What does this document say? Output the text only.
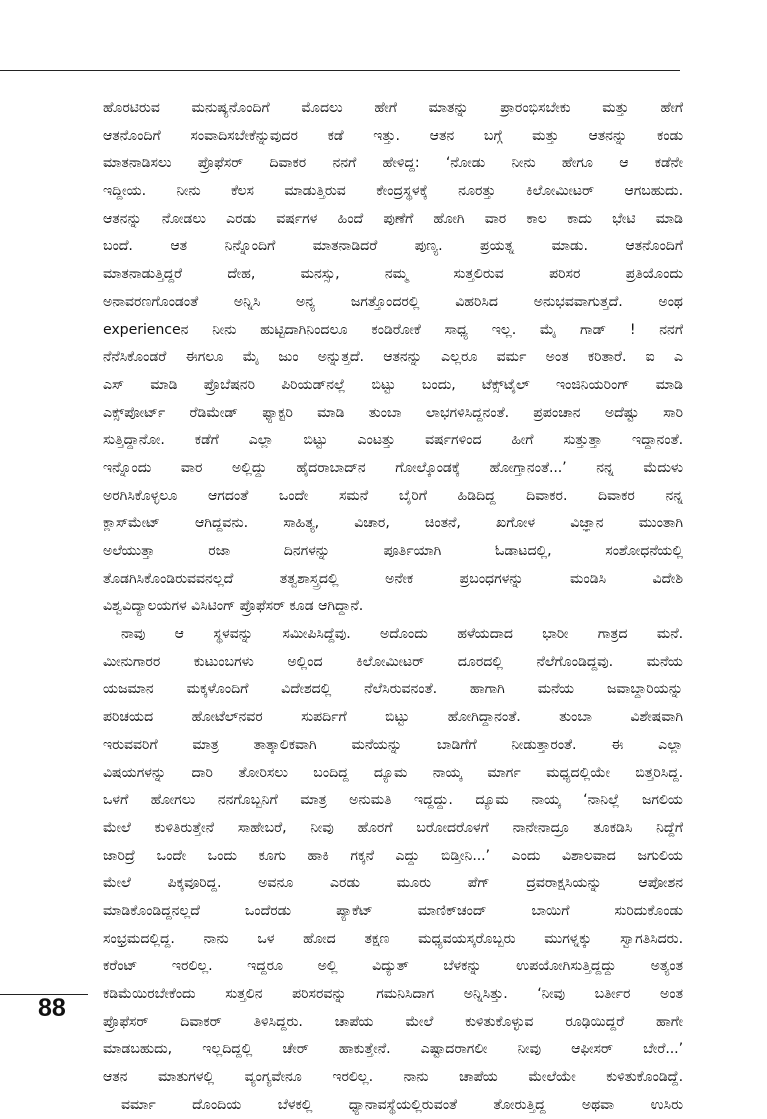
ಹೊರಟಿರುವ ಮನುಷ್ಯನೊಂದಿಗೆ ಮೊದಲು ಹೇಗೆ ಮಾತನ್ನು ಪ್ರಾರಂಭಿಸಬೇಕು ಮತ್ತು ಹೇಗೆ
ಆತನೊಂದಿಗೆ ಸಂವಾದಿಸಬೇಕೆನ್ನುವುದರ ಕಡೆ ಇತ್ತು. ಆತನ ಬಗ್ಗೆ ಮತ್ತು ಆತನನ್ನು ಕಂಡು
ಮಾತನಾಡಿಸಲು ಪ್ರೊಫೆಸರ್ ದಿವಾಕರ ನನಗೆ ಹೇಳಿದ್ದ: ‘ನೋಡು ನೀನು ಹೇಗೂ ಆ ಕಡೆನೇ
ಇದ್ದೀಯ. ನೀನು ಕೆಲಸ ಮಾಡುತ್ತಿರುವ ಕೇಂದ್ರಸ್ಥಳಕ್ಕೆ ನೂರತ್ತು ಕಿಲೋಮೀಟರ್ ಆಗಬಹುದು.
ಆತನನ್ನು ನೋಡಲು ಎರಡು ವರ್ಷಗಳ ಹಿಂದೆ ಪುಣೆಗೆ ಹೋಗಿ ವಾರ ಕಾಲ ಕಾದು ಭೇಟಿ ಮಾಡಿ
ಬಂದೆ. ಆತ ನಿನ್ನೊಂದಿಗೆ ಮಾತನಾಡಿದರೆ ಪುಣ್ಯ. ಪ್ರಯತ್ನ ಮಾಡು. ಆತನೊಂದಿಗೆ
ಮಾತನಾಡುತ್ತಿದ್ದರೆ ದೇಹ, ಮನಸ್ಸು, ನಮ್ಮ ಸುತ್ತಲಿರುವ ಪರಿಸರ ಪ್ರತಿಯೊಂದು
ಅನಾವರಣಗೊಂಡಂತೆ ಅನ್ನಿಸಿ ಅನ್ಯ ಜಗತ್ತೊಂದರಲ್ಲಿ ವಿಹರಿಸಿದ ಅನುಭವವಾಗುತ್ತದೆ. ಅಂಥ
experienceನ ನೀನು ಹುಟ್ಟಿದಾಗಿನಿಂದಲೂ ಕಂಡಿರೋಕೆ ಸಾಧ್ಯ ಇಲ್ಲ. ಮೈ ಗಾಡ್ ! ನನಗೆ
ನೆನೆಸಿಕೊಂಡರೆ ಈಗಲೂ ಮೈ ಜುಂ ಅನ್ನುತ್ತದೆ. ಆತನನ್ನು ಎಲ್ಲರೂ ವರ್ಮ ಅಂತ ಕರಿತಾರೆ. ಐ ಎ
ಎಸ್ ಮಾಡಿ ಪ್ರೊಬೆಷನರಿ ಪಿರಿಯಡ್‌ನಲ್ಲೆ ಬಿಟ್ಟು ಬಂದು, ಟೆಕ್ಸ್‌ಟೈಲ್ ಇಂಜಿನಿಯರಿಂಗ್ ಮಾಡಿ
ಎಕ್ಸ್‌ಪೋರ್ಟ್ ರೆಡಿಮೇಡ್ ಫ್ಯಾಕ್ಟರಿ ಮಾಡಿ ತುಂಬಾ ಲಾಭಗಳಿಸಿದ್ದನಂತೆ. ಪ್ರಪಂಚಾನ ಅದೆಷ್ಟು ಸಾರಿ
ಸುತ್ತಿದ್ದಾನೋ. ಕಡೆಗೆ ಎಲ್ಲಾ ಬಿಟ್ಟು ಎಂಟತ್ತು ವರ್ಷಗಳಿಂದ ಹೀಗೆ ಸುತ್ತುತ್ತಾ ಇದ್ದಾನಂತೆ.
ಇನ್ನೊಂದು ವಾರ ಅಲ್ಲಿದ್ದು ಹೈದರಾಬಾದ್‌ನ ಗೋಲ್ಕೊಂಡಕ್ಕೆ ಹೋಗ್ತಾನಂತೆ...’ ನನ್ನ ಮೆದುಳು
ಅರಗಿಸಿಕೊಳ್ಳಲೂ ಆಗದಂತೆ ಒಂದೇ ಸಮನೆ ಬೈರಿಗೆ ಹಿಡಿದಿದ್ದ ದಿವಾಕರ. ದಿವಾಕರ ನನ್ನ
ಕ್ಲಾಸ್‌ಮೇಟ್ ಆಗಿದ್ದವನು. ಸಾಹಿತ್ಯ, ವಿಚಾರ, ಚಿಂತನೆ, ಖಗೋಳ ವಿಜ್ಞಾನ ಮುಂತಾಗಿ
ಅಲೆಯುತ್ತಾ ರಜಾ ದಿನಗಳನ್ನು ಪೂರ್ತಿಯಾಗಿ ಓಡಾಟದಲ್ಲಿ, ಸಂಶೋಧನೆಯಲ್ಲಿ
ತೊಡಗಿಸಿಕೊಂಡಿರುವವನಲ್ಲದೆ ತತ್ವಶಾಸ್ತ್ರದಲ್ಲಿ ಅನೇಕ ಪ್ರಬಂಧಗಳನ್ನು ಮಂಡಿಸಿ ವಿದೇಶಿ
ವಿಶ್ವವಿದ್ಯಾಲಯಗಳ ವಿಸಿಟಿಂಗ್ ಪ್ರೊಫೆಸರ್ ಕೂಡ ಆಗಿದ್ದಾನೆ.
ನಾವು ಆ ಸ್ಥಳವನ್ನು ಸಮೀಪಿಸಿದ್ದೆವು. ಅದೊಂದು ಹಳೆಯದಾದ ಭಾರೀ ಗಾತ್ರದ ಮನೆ.
ಮೀನುಗಾರರ ಕುಟುಂಬಗಳು ಅಲ್ಲಿಂದ ಕಿಲೋಮೀಟರ್ ದೂರದಲ್ಲಿ ನೆಲೆಗೊಂಡಿದ್ದವು. ಮನೆಯ
ಯಜಮಾನ ಮಕ್ಕಳೊಂದಿಗೆ ವಿದೇಶದಲ್ಲಿ ನೆಲೆಸಿರುವನಂತೆ. ಹಾಗಾಗಿ ಮನೆಯ ಜವಾಬ್ದಾರಿಯನ್ನು
ಪರಿಚಯದ ಹೋಟೆಲ್‌ನವರ ಸುಪರ್ದಿಗೆ ಬಿಟ್ಟು ಹೋಗಿದ್ದಾನಂತೆ. ತುಂಬಾ ವಿಶೇಷವಾಗಿ
ಇರುವವರಿಗೆ ಮಾತ್ರ ತಾತ್ಕಾಲಿಕವಾಗಿ ಮನೆಯನ್ನು ಬಾಡಿಗೆಗೆ ನೀಡುತ್ತಾರಂತೆ. ಈ ಎಲ್ಲಾ
ವಿಷಯಗಳನ್ನು ದಾರಿ ತೋರಿಸಲು ಬಂದಿದ್ದ ದ್ಯೂಮ ನಾಯ್ಕ ಮಾರ್ಗ ಮಧ್ಯದಲ್ಲಿಯೇ ಬಿತ್ತರಿಸಿದ್ದ.
ಒಳಗೆ ಹೋಗಲು ನನಗೊಬ್ಬನಿಗೆ ಮಾತ್ರ ಅನುಮತಿ ಇದ್ದದ್ದು. ದ್ಯೂಮ ನಾಯ್ಕ ‘ನಾನಿಲ್ಲೆ ಜಗಲಿಯ
ಮೇಲೆ ಕುಳಿತಿರುತ್ತೇನೆ ಸಾಹೇಬರೆ, ನೀವು ಹೊರಗೆ ಬರೋದರೊಳಗೆ ನಾನೇನಾದ್ರೂ ತೂಕಡಿಸಿ ನಿದ್ದೆಗೆ
ಜಾರಿದ್ರೆ ಒಂದೇ ಒಂದು ಕೂಗು ಹಾಕಿ ಗಕ್ಕನೆ ಎದ್ದು ಬಿಡ್ತೀನಿ...’ ಎಂದು ವಿಶಾಲವಾದ ಜಗುಲಿಯ
ಮೇಲೆ ಪಿಕ್ಕವೂರಿದ್ದ. ಅವನೂ ಎರಡು ಮೂರು ಪೆಗ್ ದ್ರವರಾಕ್ಷಸಿಯನ್ನು ಆಪೋಶನ
ಮಾಡಿಕೊಂಡಿದ್ದನಲ್ಲದೆ ಒಂದೆರಡು ಪ್ಯಾಕೆಟ್ ಮಾಣಿಕ್‌ಚಂದ್ ಬಾಯಿಗೆ ಸುರಿದುಕೊಂಡು
ಸಂಭ್ರಮದಲ್ಲಿದ್ದ. ನಾನು ಒಳ ಹೋದ ತಕ್ಷಣ ಮಧ್ಯವಯಸ್ಕರೊಬ್ಬರು ಮುಗಳ್ನಕ್ಕು ಸ್ವಾಗತಿಸಿದರು.
ಕರೆಂಟ್ ಇರಲಿಲ್ಲ. ಇದ್ದರೂ ಅಲ್ಲಿ ವಿದ್ಯುತ್ ಬೆಳಕನ್ನು ಉಪಯೋಗಿಸುತ್ತಿದ್ದದ್ದು ಅತ್ಯಂತ
ಕಡಿಮೆಯಿರಬೇಕೆಂದು ಸುತ್ತಲಿನ ಪರಿಸರವನ್ನು ಗಮನಿಸಿದಾಗ ಅನ್ನಿಸಿತ್ತು. ‘ನೀವು ಬರ್ತೀರ ಅಂತ
ಪ್ರೊಫೆಸರ್ ದಿವಾಕರ್ ತಿಳಿಸಿದ್ದರು. ಚಾಪೆಯ ಮೇಲೆ ಕುಳಿತುಕೊಳ್ಳುವ ರೂಢಿಯಿದ್ದರೆ ಹಾಗೇ
ಮಾಡಬಹುದು, ಇಲ್ಲದಿದ್ದಲ್ಲಿ ಚೇರ್ ಹಾಕುತ್ತೇನೆ. ಎಷ್ಟಾದರಾಗಲೀ ನೀವು ಆಫೀಸರ್ ಬೇರೆ...’
ಆತನ ಮಾತುಗಳಲ್ಲಿ ವ್ಯಂಗ್ಯವೇನೂ ಇರಲಿಲ್ಲ. ನಾನು ಚಾಪೆಯ ಮೇಲೆಯೇ ಕುಳಿತುಕೊಂಡಿದ್ದೆ.
ವರ್ಮಾ ದೊಂದಿಯ ಬೆಳಕಲ್ಲಿ ಧ್ಯಾನಾವಸ್ಥೆಯಲ್ಲಿರುವಂತೆ ತೋರುತ್ತಿದ್ದ ಅಥವಾ ಉಸಿರು
88
